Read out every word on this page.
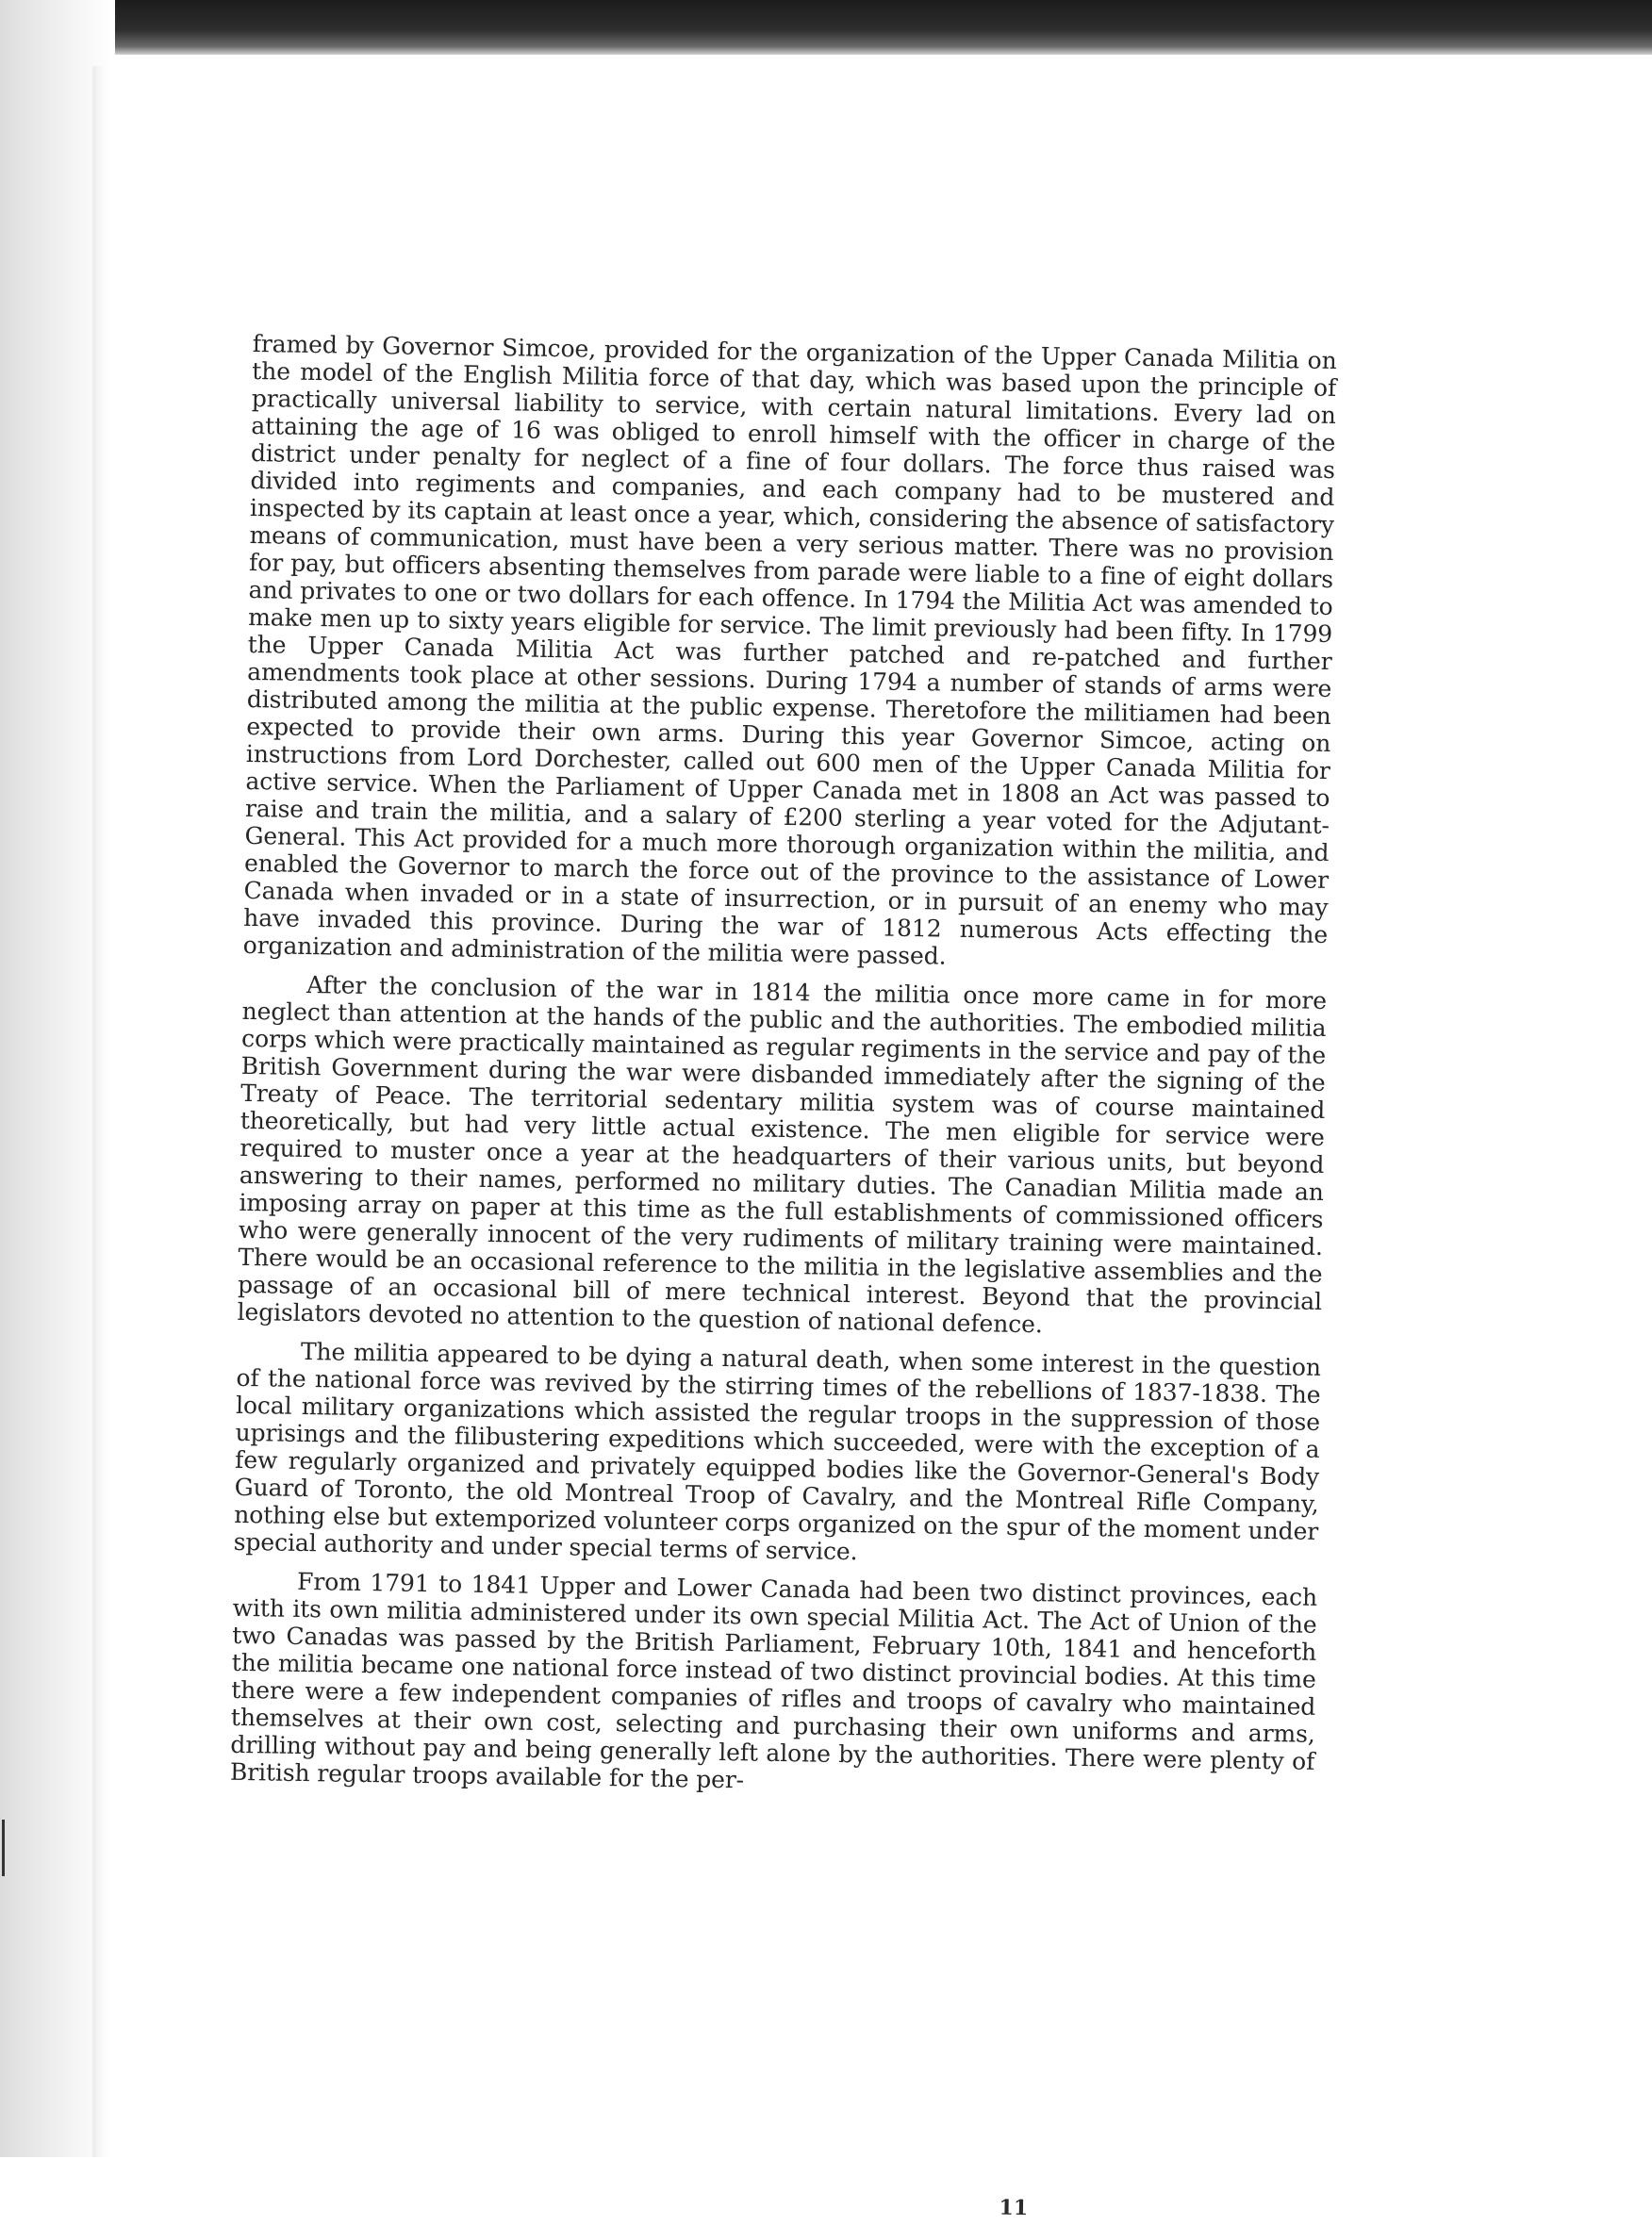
framed by Governor Simcoe, provided for the organization of the Upper Canada Militia on the model of the English Militia force of that day, which was based upon the principle of practically universal liability to service, with certain natural limitations. Every lad on attaining the age of 16 was obliged to enroll himself with the officer in charge of the district under penalty for neglect of a fine of four dollars. The force thus raised was divided into regiments and companies, and each company had to be mustered and inspected by its captain at least once a year, which, considering the absence of satisfactory means of communication, must have been a very serious matter. There was no provision for pay, but officers absenting themselves from parade were liable to a fine of eight dollars and privates to one or two dollars for each offence. In 1794 the Militia Act was amended to make men up to sixty years eligible for service. The limit previously had been fifty. In 1799 the Upper Canada Militia Act was further patched and re-patched and further amendments took place at other sessions. During 1794 a number of stands of arms were distributed among the militia at the public expense. Theretofore the militiamen had been expected to provide their own arms. During this year Governor Simcoe, acting on instructions from Lord Dorchester, called out 600 men of the Upper Canada Militia for active service. When the Parliament of Upper Canada met in 1808 an Act was passed to raise and train the militia, and a salary of £200 sterling a year voted for the Adjutant-General. This Act provided for a much more thorough organization within the militia, and enabled the Governor to march the force out of the province to the assistance of Lower Canada when invaded or in a state of insurrection, or in pursuit of an enemy who may have invaded this province. During the war of 1812 numerous Acts effecting the organization and administration of the militia were passed.

After the conclusion of the war in 1814 the militia once more came in for more neglect than attention at the hands of the public and the authorities. The embodied militia corps which were practically maintained as regular regiments in the service and pay of the British Government during the war were disbanded immediately after the signing of the Treaty of Peace. The territorial sedentary militia system was of course maintained theoretically, but had very little actual existence. The men eligible for service were required to muster once a year at the headquarters of their various units, but beyond answering to their names, performed no military duties. The Canadian Militia made an imposing array on paper at this time as the full establishments of commissioned officers who were generally innocent of the very rudiments of military training were maintained. There would be an occasional reference to the militia in the legislative assemblies and the passage of an occasional bill of mere technical interest. Beyond that the provincial legislators devoted no attention to the question of national defence.

The militia appeared to be dying a natural death, when some interest in the question of the national force was revived by the stirring times of the rebellions of 1837-1838. The local military organizations which assisted the regular troops in the suppression of those uprisings and the filibustering expeditions which succeeded, were with the exception of a few regularly organized and privately equipped bodies like the Governor-General's Body Guard of Toronto, the old Montreal Troop of Cavalry, and the Montreal Rifle Company, nothing else but extemporized volunteer corps organized on the spur of the moment under special authority and under special terms of service.

From 1791 to 1841 Upper and Lower Canada had been two distinct provinces, each with its own militia administered under its own special Militia Act. The Act of Union of the two Canadas was passed by the British Parliament, February 10th, 1841 and henceforth the militia became one national force instead of two distinct provincial bodies. At this time there were a few independent companies of rifles and troops of cavalry who maintained themselves at their own cost, selecting and purchasing their own uniforms and arms, drilling without pay and being generally left alone by the authorities. There were plenty of British regular troops available for the per-

11
